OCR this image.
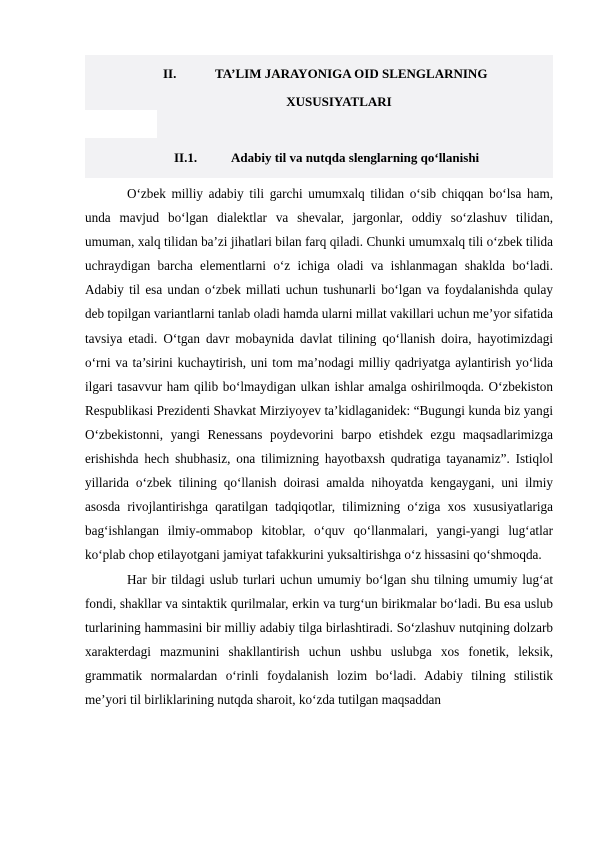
II.	TA’LIM JARAYONIGA OID SLENGLARNING
XUSUSIYATLARI
II.1.	Adabiy til va nutqda slenglarning qo‘llanishi

O‘zbek milliy adabiy tili garchi umumxalq tilidan o‘sib chiqqan bo‘lsa ham, unda mavjud bo‘lgan dialektlar va shevalar, jargonlar, oddiy so‘zlashuv tilidan, umuman, xalq tilidan ba’zi jihatlari bilan farq qiladi. Chunki umumxalq tili o‘zbek tilida uchraydigan barcha elementlarni o‘z ichiga oladi va ishlanmagan shaklda bo‘ladi. Adabiy til esa undan o‘zbek millati uchun tushunarli bo‘lgan va foydalanishda qulay deb topilgan variantlarni tanlab oladi hamda ularni millat vakillari uchun me’yor sifatida tavsiya etadi. O‘tgan davr mobaynida davlat tilining qo‘llanish doira, hayotimizdagi o‘rni va ta’sirini kuchaytirish, uni tom ma’nodagi milliy qadriyatga aylantirish yo‘lida ilgari tasavvur ham qilib bo‘lmaydigan ulkan ishlar amalga oshirilmoqda. O‘zbekiston Respublikasi Prezidenti Shavkat Mirziyoyev ta’kidlaganidek: “Bugungi kunda biz yangi O‘zbekistonni, yangi Renessans poydevorini barpo etishdek ezgu maqsadlarimizga erishishda hech shubhasiz, ona tilimizning hayotbaxsh qudratiga tayanamiz”. Istiqlol yillarida o‘zbek tilining qo‘llanish doirasi amalda nihoyatda kengaygani, uni ilmiy asosda rivojlantirishga qaratilgan tadqiqotlar, tilimizning o‘ziga xos xususiyatlariga bag‘ishlangan ilmiy-ommabop kitoblar, o‘quv qo‘llanmalari, yangi-yangi lug‘atlar ko‘plab chop etilayotgani jamiyat tafakkurini yuksaltirishga o‘z hissasini qo‘shmoqda.

Har bir tildagi uslub turlari uchun umumiy bo‘lgan shu tilning umumiy lug‘at fondi, shakllar va sintaktik qurilmalar, erkin va turg‘un birikmalar bo‘ladi. Bu esa uslub turlarining hammasini bir milliy adabiy tilga birlashtiradi. So‘zlashuv nutqining dolzarb xarakterdagi mazmunini shakllantirish uchun ushbu uslubga xos fonetik, leksik, grammatik normalardan o‘rinli foydalanish lozim bo‘ladi. Adabiy tilning stilistik me’yori til birliklarining nutqda sharoit, ko‘zda tutilgan maqsaddan
